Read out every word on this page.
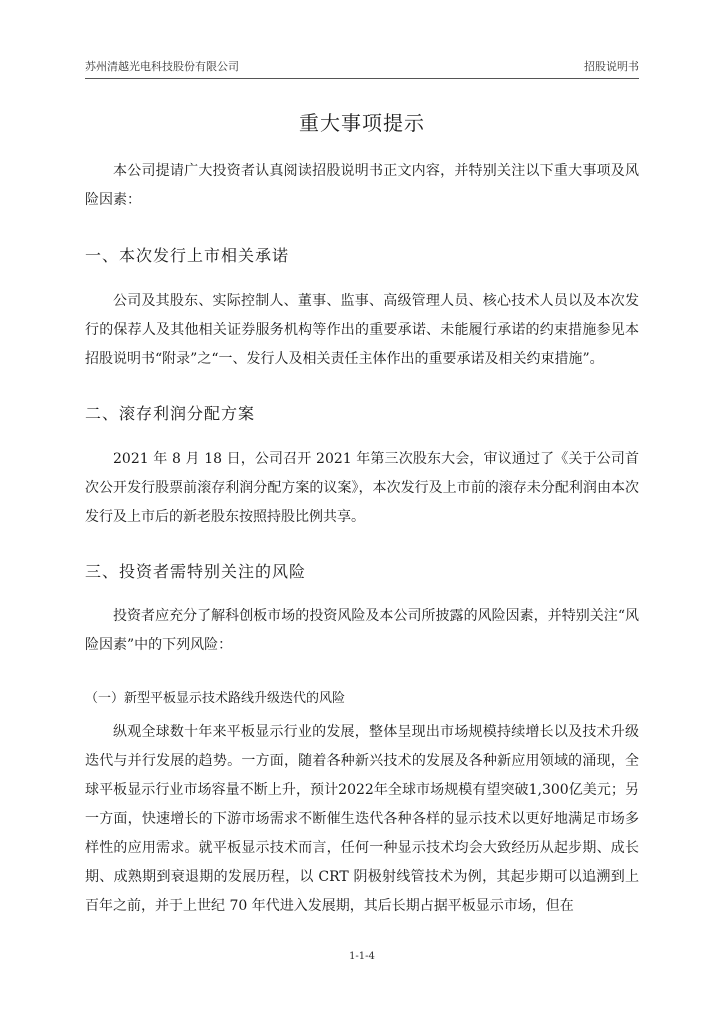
苏州清越光电科技股份有限公司	招股说明书
重大事项提示
本公司提请广大投资者认真阅读招股说明书正文内容，并特别关注以下重大事项及风险因素：
一、本次发行上市相关承诺
公司及其股东、实际控制人、董事、监事、高级管理人员、核心技术人员以及本次发行的保荐人及其他相关证券服务机构等作出的重要承诺、未能履行承诺的约束措施参见本招股说明书“附录”之“一、发行人及相关责任主体作出的重要承诺及相关约束措施”。
二、滚存利润分配方案
2021 年 8 月 18 日，公司召开 2021 年第三次股东大会，审议通过了《关于公司首次公开发行股票前滚存利润分配方案的议案》，本次发行及上市前的滚存未分配利润由本次发行及上市后的新老股东按照持股比例共享。
三、投资者需特别关注的风险
投资者应充分了解科创板市场的投资风险及本公司所披露的风险因素，并特别关注“风险因素”中的下列风险：
（一）新型平板显示技术路线升级迭代的风险
纵观全球数十年来平板显示行业的发展，整体呈现出市场规模持续增长以及技术升级迭代与并行发展的趋势。一方面，随着各种新兴技术的发展及各种新应用领域的涌现，全球平板显示行业市场容量不断上升，预计2022年全球市场规模有望突破1,300亿美元；另一方面，快速增长的下游市场需求不断催生迭代各种各样的显示技术以更好地满足市场多样性的应用需求。就平板显示技术而言，任何一种显示技术均会大致经历从起步期、成长期、成熟期到衰退期的发展历程，以 CRT 阴极射线管技术为例，其起步期可以追溯到上百年之前，并于上世纪 70 年代进入发展期，其后长期占据平板显示市场，但在
1-1-4
